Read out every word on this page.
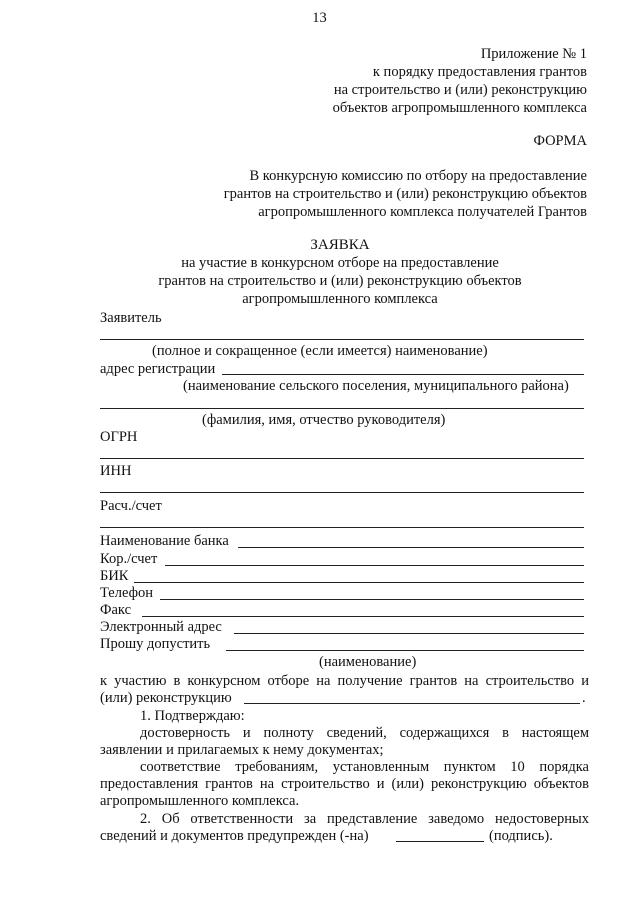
13
Приложение № 1
к порядку предоставления грантов
на строительство и (или) реконструкцию
объектов агропромышленного комплекса
ФОРМА
В конкурсную комиссию по отбору на предоставление
грантов на строительство и (или) реконструкцию объектов
агропромышленного комплекса получателей Грантов
ЗАЯВКА
на участие в конкурсном отборе на предоставление
грантов на строительство и (или) реконструкцию объектов
агропромышленного комплекса
Заявитель
(полное и сокращенное (если имеется) наименование)
адрес регистрации
(наименование сельского поселения, муниципального района)
(фамилия, имя, отчество руководителя)
ОГРН
ИНН
Расч./счет
Наименование банка
Кор./счет
БИК
Телефон
Факс
Электронный адрес
Прошу допустить
(наименование)
к участию в конкурсном отборе на получение грантов на строительство и
(или) реконструкцию	.
1. Подтверждаю:
достоверность и полноту сведений, содержащихся в настоящем
заявлении и прилагаемых к нему документах;
соответствие требованиям, установленным пунктом 10 порядка
предоставления грантов на строительство и (или) реконструкцию объектов
агропромышленного комплекса.
2. Об ответственности за представление заведомо недостоверных
сведений и документов предупрежден (-на)	(подпись).
